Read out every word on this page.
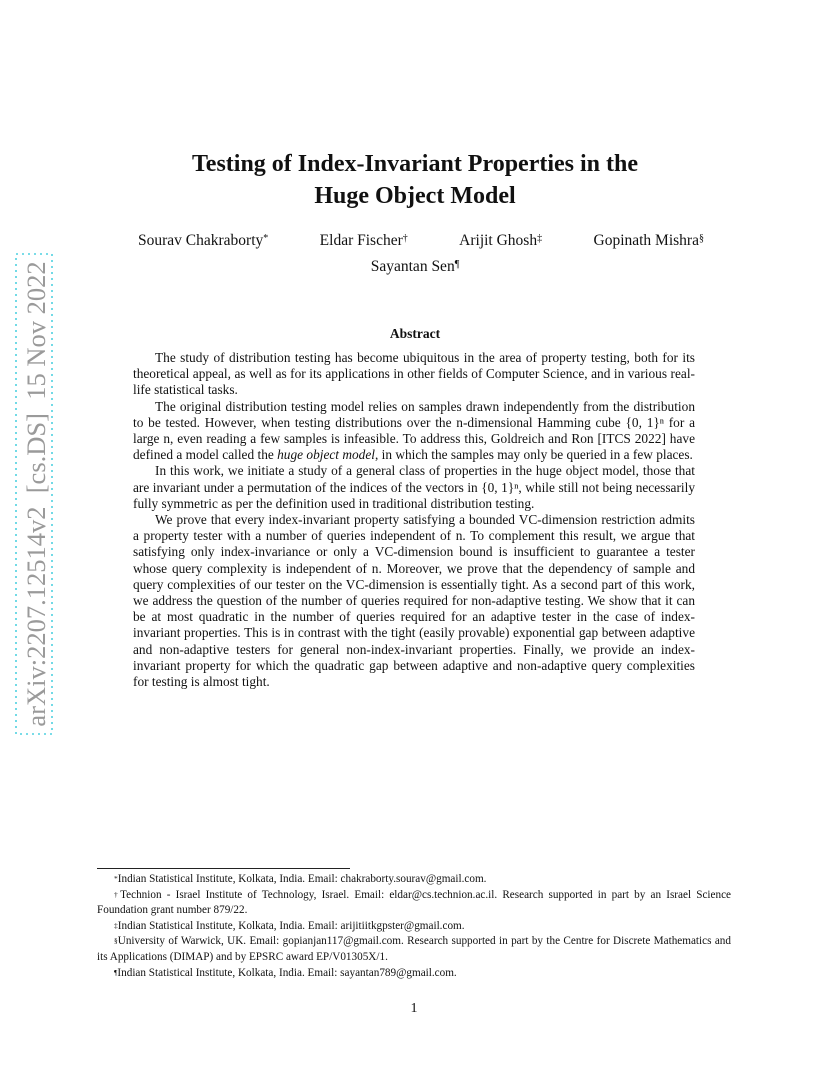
arXiv:2207.12514v2  [cs.DS]  15 Nov 2022
Testing of Index-Invariant Properties in the
Huge Object Model
Sourav Chakraborty*	Eldar Fischer†	Arijit Ghosh‡	Gopinath Mishra§
Sayantan Sen¶
Abstract

The study of distribution testing has become ubiquitous in the area of property testing, both for its theoretical appeal, as well as for its applications in other fields of Computer Science, and in various real-life statistical tasks.

The original distribution testing model relies on samples drawn independently from the distribution to be tested. However, when testing distributions over the n-dimensional Hamming cube {0, 1}ⁿ for a large n, even reading a few samples is infeasible. To address this, Goldreich and Ron [ITCS 2022] have defined a model called the huge object model, in which the samples may only be queried in a few places.

In this work, we initiate a study of a general class of properties in the huge object model, those that are invariant under a permutation of the indices of the vectors in {0, 1}ⁿ, while still not being necessarily fully symmetric as per the definition used in traditional distribution testing.

We prove that every index-invariant property satisfying a bounded VC-dimension restriction admits a property tester with a number of queries independent of n. To complement this result, we argue that satisfying only index-invariance or only a VC-dimension bound is insufficient to guarantee a tester whose query complexity is independent of n. Moreover, we prove that the dependency of sample and query complexities of our tester on the VC-dimension is essentially tight. As a second part of this work, we address the question of the number of queries required for non-adaptive testing. We show that it can be at most quadratic in the number of queries required for an adaptive tester in the case of index-invariant properties. This is in contrast with the tight (easily provable) exponential gap between adaptive and non-adaptive testers for general non-index-invariant properties. Finally, we provide an index-invariant property for which the quadratic gap between adaptive and non-adaptive query complexities for testing is almost tight.

*Indian Statistical Institute, Kolkata, India. Email: chakraborty.sourav@gmail.com.

†Technion - Israel Institute of Technology, Israel. Email: eldar@cs.technion.ac.il. Research supported in part by an Israel Science Foundation grant number 879/22.

‡Indian Statistical Institute, Kolkata, India. Email: arijitiitkgpster@gmail.com.

§University of Warwick, UK. Email: gopianjan117@gmail.com. Research supported in part by the Centre for Discrete Mathematics and its Applications (DIMAP) and by EPSRC award EP/V01305X/1.

¶Indian Statistical Institute, Kolkata, India. Email: sayantan789@gmail.com.

1
